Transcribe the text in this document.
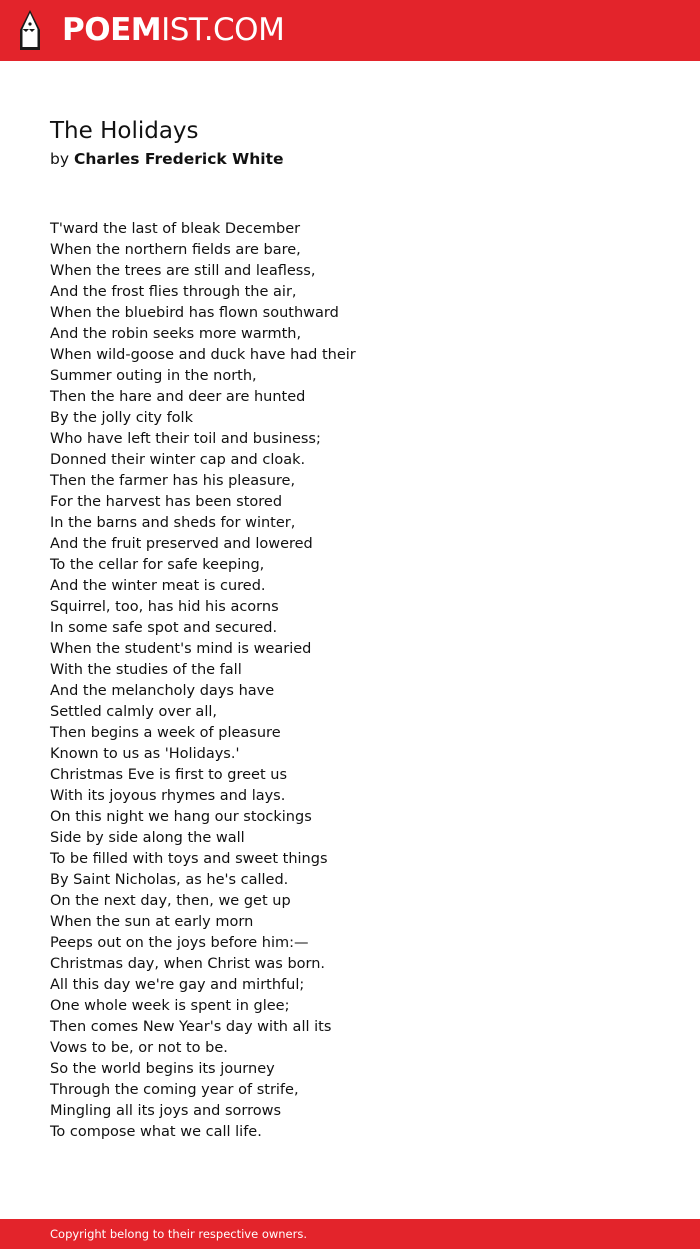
POEMIST.COM
The Holidays
by Charles Frederick White
T'ward the last of bleak December
When the northern fields are bare,
When the trees are still and leafless,
And the frost flies through the air,
When the bluebird has flown southward
And the robin seeks more warmth,
When wild-goose and duck have had their
Summer outing in the north,
Then the hare and deer are hunted
By the jolly city folk
Who have left their toil and business;
Donned their winter cap and cloak.
Then the farmer has his pleasure,
For the harvest has been stored
In the barns and sheds for winter,
And the fruit preserved and lowered
To the cellar for safe keeping,
And the winter meat is cured.
Squirrel, too, has hid his acorns
In some safe spot and secured.
When the student's mind is wearied
With the studies of the fall
And the melancholy days have
Settled calmly over all,
Then begins a week of pleasure
Known to us as 'Holidays.'
Christmas Eve is first to greet us
With its joyous rhymes and lays.
On this night we hang our stockings
Side by side along the wall
To be filled with toys and sweet things
By Saint Nicholas, as he's called.
On the next day, then, we get up
When the sun at early morn
Peeps out on the joys before him:—
Christmas day, when Christ was born.
All this day we're gay and mirthful;
One whole week is spent in glee;
Then comes New Year's day with all its
Vows to be, or not to be.
So the world begins its journey
Through the coming year of strife,
Mingling all its joys and sorrows
To compose what we call life.
Copyright belong to their respective owners.
